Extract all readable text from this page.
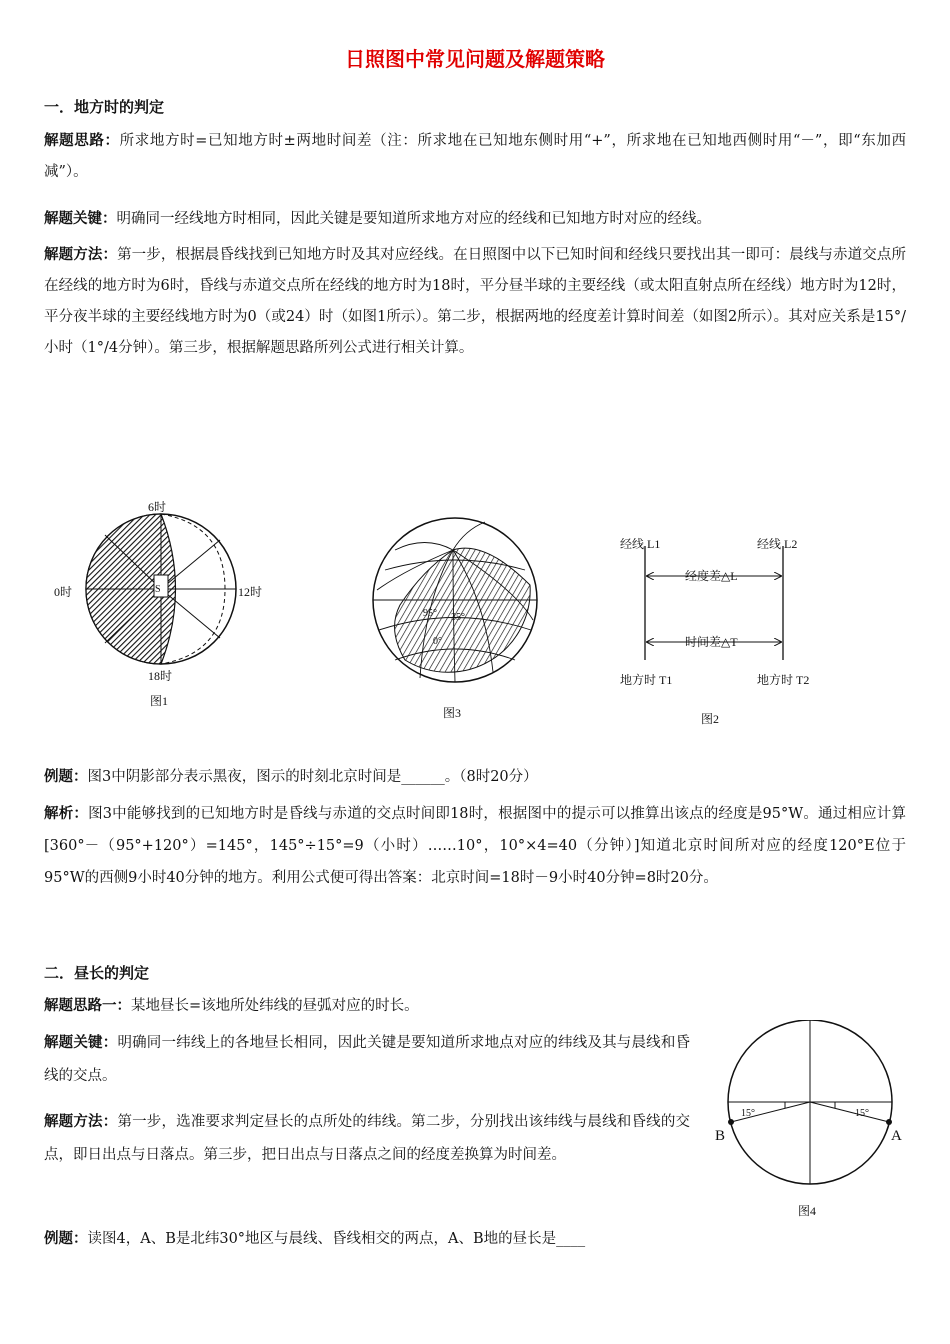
日照图中常见问题及解题策略
一．地方时的判定
解题思路：所求地方时=已知地方时±两地时间差（注：所求地在已知地东侧时用“+”，所求地在已知地西侧时用“－”，即“东加西减”）。
解题关键：明确同一经线地方时相同，因此关键是要知道所求地方对应的经线和已知地方时对应的经线。
解题方法：第一步，根据晨昏线找到已知地方时及其对应经线。在日照图中以下已知时间和经线只要找出其一即可：晨线与赤道交点所在经线的地方时为6时，昏线与赤道交点所在经线的地方时为18时，平分昼半球的主要经线（或太阳直射点所在经线）地方时为12时，平分夜半球的主要经线地方时为0（或24）时（如图1所示）。第二步，根据两地的经度差计算时间差（如图2所示）。其对应关系是15°/小时（1°/4分钟）。第三步，根据解题思路所列公式进行相关计算。
S
6时
0时	12时
18时
图1
95° 35°
0°
图3
经线 L1	经线 L2
经度差△L
时间差△T
地方时 T1	地方时 T2
图2
例题：图3中阴影部分表示黑夜，图示的时刻北京时间是______。（8时20分）
解析：图3中能够找到的已知地方时是昏线与赤道的交点时间即18时，根据图中的提示可以推算出该点的经度是95°W。通过相应计算[360°－（95°+120°）=145°，145°÷15°=9（小时）……10°，10°×4=40（分钟）]知道北京时间所对应的经度120°E位于95°W的西侧9小时40分钟的地方。利用公式便可得出答案：北京时间=18时－9小时40分钟=8时20分。
二．昼长的判定
解题思路一：某地昼长=该地所处纬线的昼弧对应的时长。
解题关键：明确同一纬线上的各地昼长相同，因此关键是要知道所求地点对应的纬线及其与晨线和昏线的交点。
解题方法：第一步，选准要求判定昼长的点所处的纬线。第二步，分别找出该纬线与晨线和昏线的交点，即日出点与日落点。第三步，把日出点与日落点之间的经度差换算为时间差。
例题：读图4，A、B是北纬30°地区与晨线、昏线相交的两点，A、B地的昼长是____
15°	15°
B	A
图4
